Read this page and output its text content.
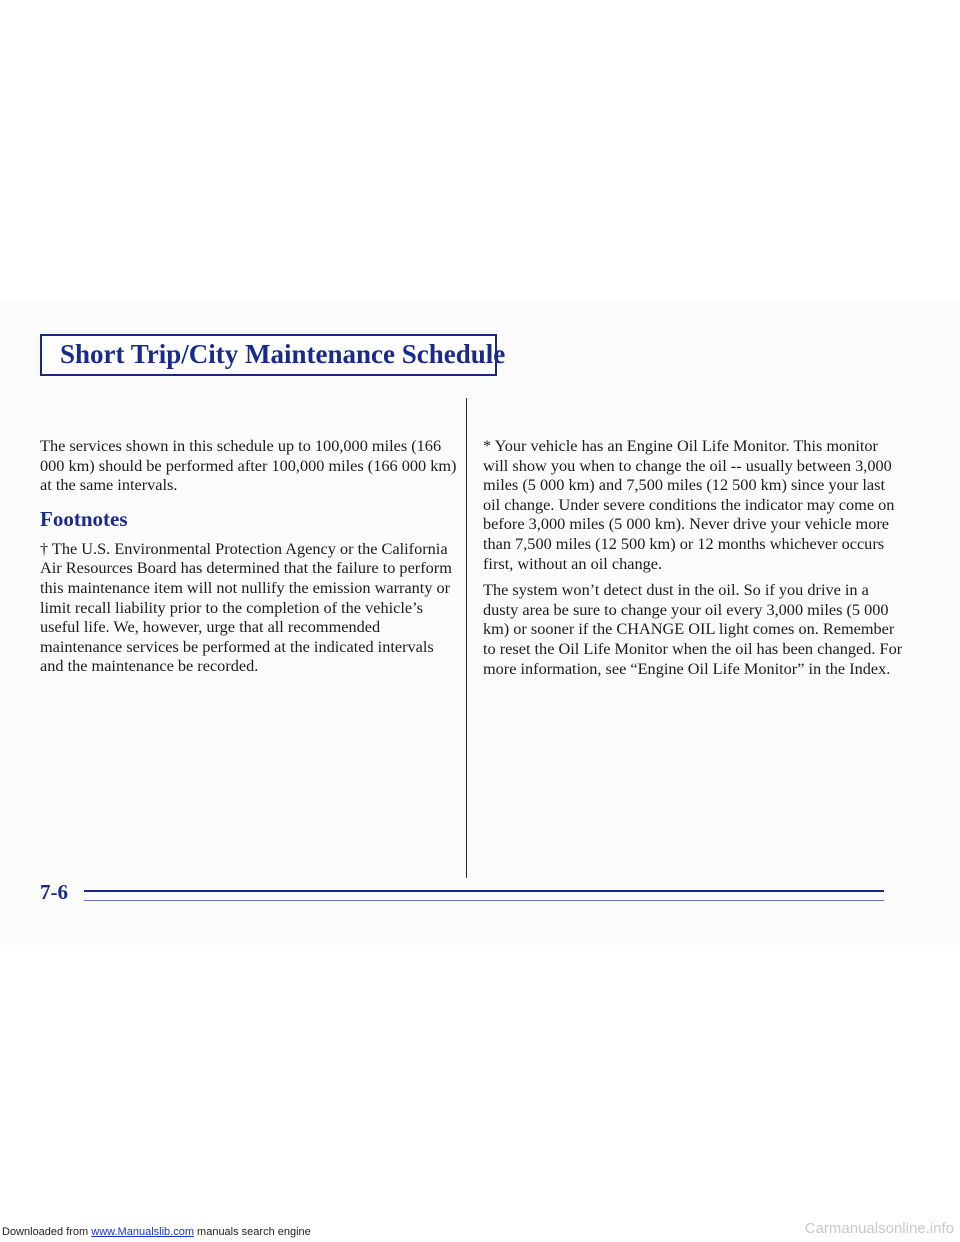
Short Trip/City Maintenance Schedule

The services shown in this schedule up to 100,000 miles (166 000 km) should be performed after 100,000 miles (166 000 km) at the same intervals.

Footnotes

† The U.S. Environmental Protection Agency or the California Air Resources Board has determined that the failure to perform this maintenance item will not nullify the emission warranty or limit recall liability prior to the completion of the vehicle’s useful life. We, however, urge that all recommended maintenance services be performed at the indicated intervals and the maintenance be recorded.

* Your vehicle has an Engine Oil Life Monitor. This monitor will show you when to change the oil -- usually between 3,000 miles (5 000 km) and 7,500 miles (12 500 km) since your last oil change. Under severe conditions the indicator may come on before 3,000 miles (5 000 km). Never drive your vehicle more than 7,500 miles (12 500 km) or 12 months whichever occurs first, without an oil change.

The system won’t detect dust in the oil. So if you drive in a dusty area be sure to change your oil every 3,000 miles (5 000 km) or sooner if the CHANGE OIL light comes on. Remember to reset the Oil Life Monitor when the oil has been changed. For more information, see “Engine Oil Life Monitor” in the Index.

7-6
Downloaded from www.Manualslib.com manuals search engine	Carmanualsonline.info
